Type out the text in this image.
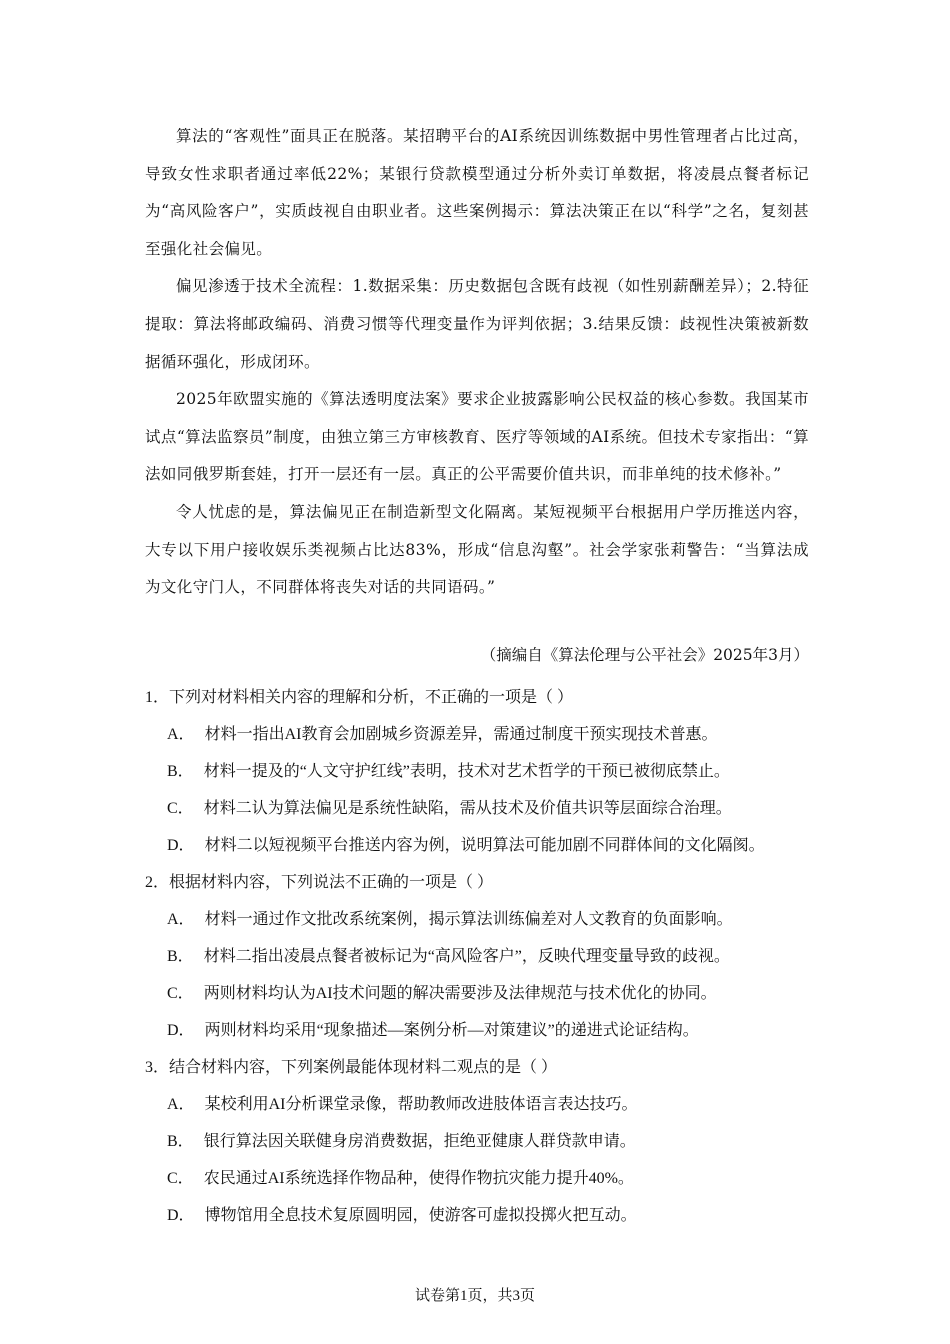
算法的“客观性”面具正在脱落。某招聘平台的AI系统因训练数据中男性管理者占比过高，导致女性求职者通过率低22%；某银行贷款模型通过分析外卖订单数据，将凌晨点餐者标记为“高风险客户”，实质歧视自由职业者。这些案例揭示：算法决策正在以“科学”之名，复刻甚至强化社会偏见。

偏见渗透于技术全流程：1.数据采集：历史数据包含既有歧视（如性别薪酬差异）；2.特征提取：算法将邮政编码、消费习惯等代理变量作为评判依据；3.结果反馈：歧视性决策被新数据循环强化，形成闭环。

2025年欧盟实施的《算法透明度法案》要求企业披露影响公民权益的核心参数。我国某市试点“算法监察员”制度，由独立第三方审核教育、医疗等领域的AI系统。但技术专家指出：“算法如同俄罗斯套娃，打开一层还有一层。真正的公平需要价值共识，而非单纯的技术修补。”

令人忧虑的是，算法偏见正在制造新型文化隔离。某短视频平台根据用户学历推送内容，大专以下用户接收娱乐类视频占比达83%，形成“信息沟壑”。社会学家张莉警告：“当算法成为文化守门人，不同群体将丧失对话的共同语码。”

（摘编自《算法伦理与公平社会》2025年3月）

1．下列对材料相关内容的理解和分析，不正确的一项是（ ）

A． 材料一指出AI教育会加剧城乡资源差异，需通过制度干预实现技术普惠。

B． 材料一提及的“人文守护红线”表明，技术对艺术哲学的干预已被彻底禁止。

C． 材料二认为算法偏见是系统性缺陷，需从技术及价值共识等层面综合治理。

D． 材料二以短视频平台推送内容为例，说明算法可能加剧不同群体间的文化隔阂。

2．根据材料内容，下列说法不正确的一项是（ ）

A． 材料一通过作文批改系统案例，揭示算法训练偏差对人文教育的负面影响。

B． 材料二指出凌晨点餐者被标记为“高风险客户”，反映代理变量导致的歧视。

C． 两则材料均认为AI技术问题的解决需要涉及法律规范与技术优化的协同。

D． 两则材料均采用“现象描述—案例分析—对策建议”的递进式论证结构。

3．结合材料内容，下列案例最能体现材料二观点的是（ ）

A． 某校利用AI分析课堂录像，帮助教师改进肢体语言表达技巧。

B． 银行算法因关联健身房消费数据，拒绝亚健康人群贷款申请。

C． 农民通过AI系统选择作物品种，使得作物抗灾能力提升40%。

D． 博物馆用全息技术复原圆明园，使游客可虚拟投掷火把互动。

试卷第1页，共3页
